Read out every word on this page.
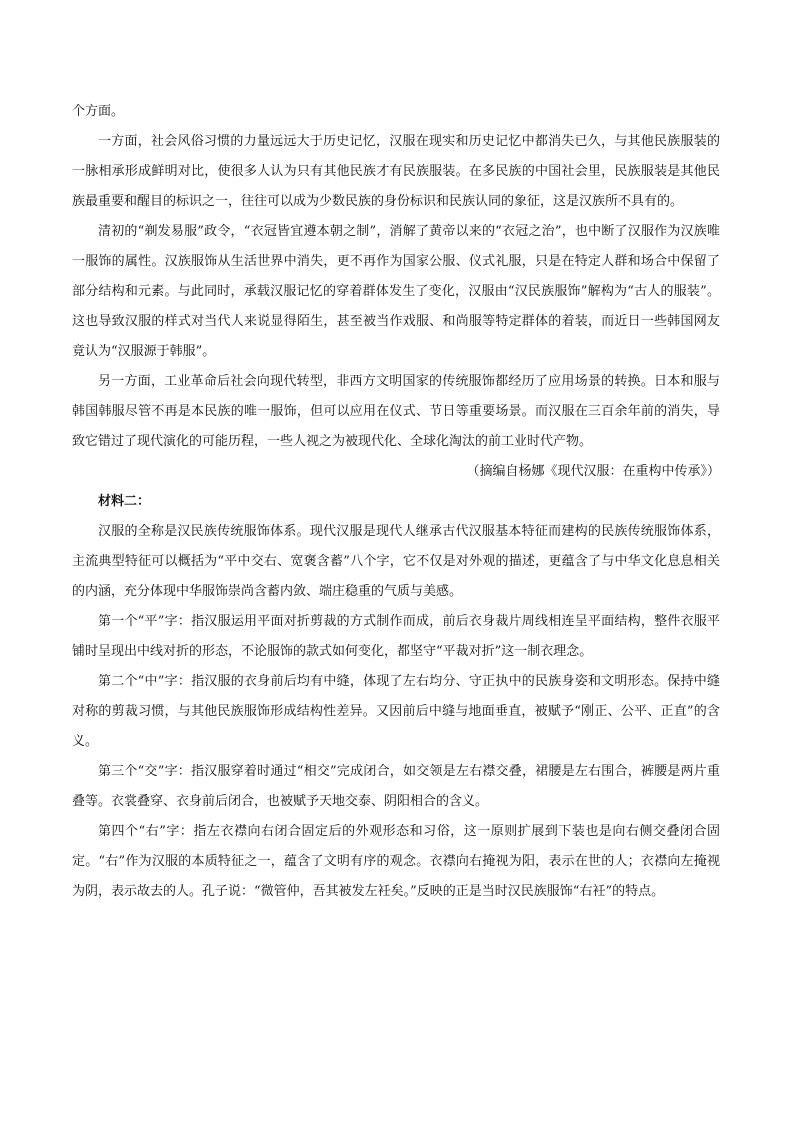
个方面。

一方面，社会风俗习惯的力量远远大于历史记忆，汉服在现实和历史记忆中都消失已久，与其他民族服装的一脉相承形成鲜明对比，使很多人认为只有其他民族才有民族服装。在多民族的中国社会里，民族服装是其他民族最重要和醒目的标识之一，往往可以成为少数民族的身份标识和民族认同的象征，这是汉族所不具有的。

清初的“剃发易服”政令，“衣冠皆宜遵本朝之制”，消解了黄帝以来的“衣冠之治”，也中断了汉服作为汉族唯一服饰的属性。汉族服饰从生活世界中消失，更不再作为国家公服、仪式礼服，只是在特定人群和场合中保留了部分结构和元素。与此同时，承载汉服记忆的穿着群体发生了变化，汉服由“汉民族服饰”解构为“古人的服装”。这也导致汉服的样式对当代人来说显得陌生，甚至被当作戏服、和尚服等特定群体的着装，而近日一些韩国网友竟认为“汉服源于韩服”。

另一方面，工业革命后社会向现代转型，非西方文明国家的传统服饰都经历了应用场景的转换。日本和服与韩国韩服尽管不再是本民族的唯一服饰，但可以应用在仪式、节日等重要场景。而汉服在三百余年前的消失，导致它错过了现代演化的可能历程，一些人视之为被现代化、全球化淘汰的前工业时代产物。

（摘编自杨娜《现代汉服：在重构中传承》）

材料二：

汉服的全称是汉民族传统服饰体系。现代汉服是现代人继承古代汉服基本特征而建构的民族传统服饰体系，主流典型特征可以概括为“平中交右、宽褒含蓄”八个字，它不仅是对外观的描述，更蕴含了与中华文化息息相关的内涵，充分体现中华服饰崇尚含蓄内敛、端庄稳重的气质与美感。

第一个“平”字：指汉服运用平面对折剪裁的方式制作而成，前后衣身裁片周线相连呈平面结构，整件衣服平铺时呈现出中线对折的形态，不论服饰的款式如何变化，都坚守“平裁对折”这一制衣理念。

第二个“中”字：指汉服的衣身前后均有中缝，体现了左右均分、守正执中的民族身姿和文明形态。保持中缝对称的剪裁习惯，与其他民族服饰形成结构性差异。又因前后中缝与地面垂直，被赋予“刚正、公平、正直”的含义。

第三个“交”字：指汉服穿着时通过“相交”完成闭合，如交领是左右襟交叠，裙腰是左右围合，裤腰是两片重叠等。衣裳叠穿、衣身前后闭合，也被赋予天地交泰、阴阳相合的含义。

第四个“右”字：指左衣襟向右闭合固定后的外观形态和习俗，这一原则扩展到下装也是向右侧交叠闭合固定。“右”作为汉服的本质特征之一，蕴含了文明有序的观念。衣襟向右掩视为阳，表示在世的人；衣襟向左掩视为阴，表示故去的人。孔子说：“微管仲，吾其被发左衽矣。”反映的正是当时汉民族服饰“右衽”的特点。
